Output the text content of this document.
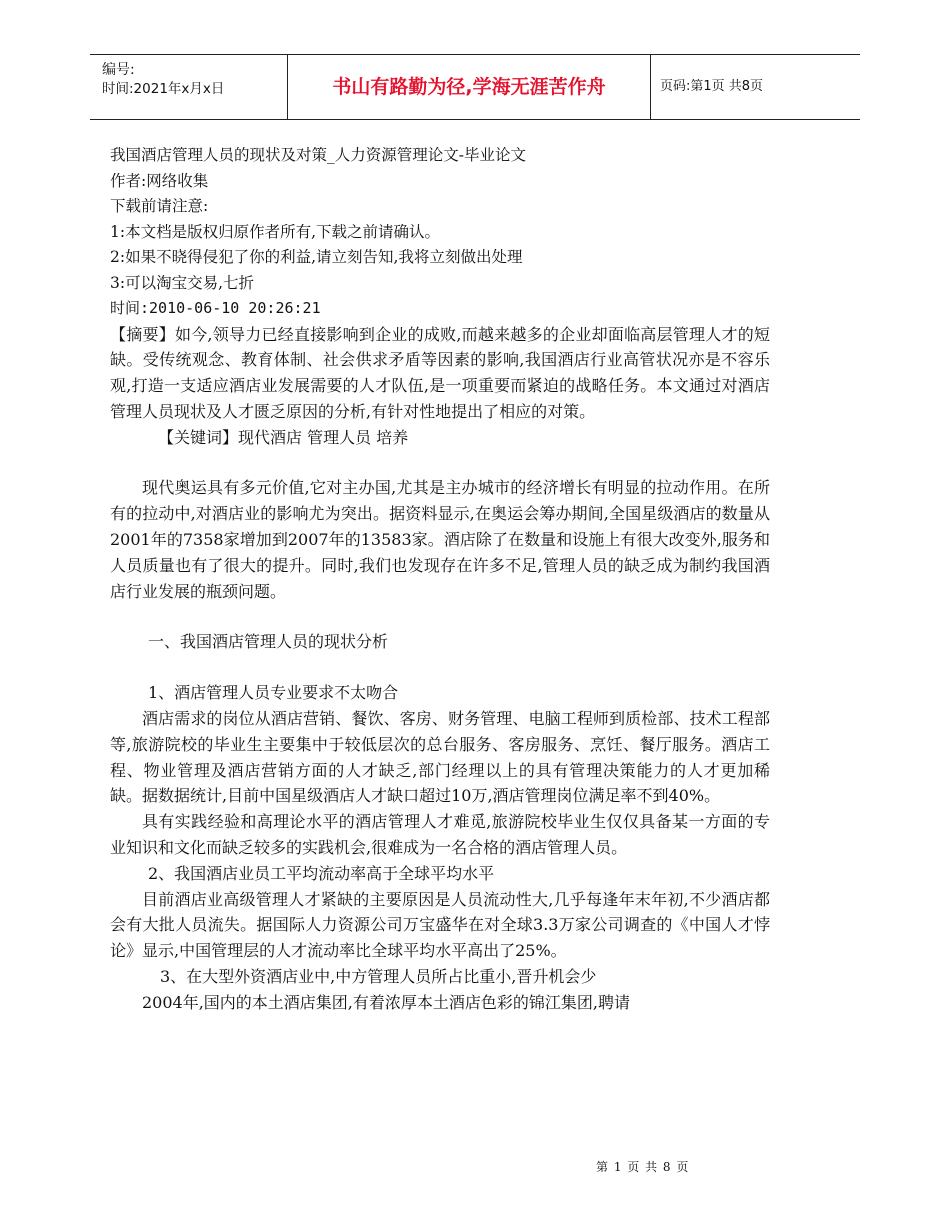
编号:
时间:2021年x月x日	书山有路勤为径,学海无涯苦作舟	页码:第1页 共8页

我国酒店管理人员的现状及对策_人力资源管理论文-毕业论文

作者:网络收集

下载前请注意:

1:本文档是版权归原作者所有,下载之前请确认。

2:如果不晓得侵犯了你的利益,请立刻告知,我将立刻做出处理

3:可以淘宝交易,七折

时间:2010-06-10 20:26:21

【摘要】如今,领导力已经直接影响到企业的成败,而越来越多的企业却面临高层管理人才的短缺。受传统观念、教育体制、社会供求矛盾等因素的影响,我国酒店行业高管状况亦是不容乐观,打造一支适应酒店业发展需要的人才队伍,是一项重要而紧迫的战略任务。本文通过对酒店管理人员现状及人才匮乏原因的分析,有针对性地提出了相应的对策。

【关键词】现代酒店 管理人员 培养

现代奥运具有多元价值,它对主办国,尤其是主办城市的经济增长有明显的拉动作用。在所有的拉动中,对酒店业的影响尤为突出。据资料显示,在奥运会筹办期间,全国星级酒店的数量从2001年的7358家增加到2007年的13583家。酒店除了在数量和设施上有很大改变外,服务和人员质量也有了很大的提升。同时,我们也发现存在许多不足,管理人员的缺乏成为制约我国酒店行业发展的瓶颈问题。

一、我国酒店管理人员的现状分析

1、酒店管理人员专业要求不太吻合

酒店需求的岗位从酒店营销、餐饮、客房、财务管理、电脑工程师到质检部、技术工程部等,旅游院校的毕业生主要集中于较低层次的总台服务、客房服务、烹饪、餐厅服务。酒店工程、物业管理及酒店营销方面的人才缺乏,部门经理以上的具有管理决策能力的人才更加稀缺。据数据统计,目前中国星级酒店人才缺口超过10万,酒店管理岗位满足率不到40%。

具有实践经验和高理论水平的酒店管理人才难觅,旅游院校毕业生仅仅具备某一方面的专业知识和文化而缺乏较多的实践机会,很难成为一名合格的酒店管理人员。

2、我国酒店业员工平均流动率高于全球平均水平

目前酒店业高级管理人才紧缺的主要原因是人员流动性大,几乎每逢年末年初,不少酒店都会有大批人员流失。据国际人力资源公司万宝盛华在对全球3.3万家公司调查的《中国人才悖论》显示,中国管理层的人才流动率比全球平均水平高出了25%。

3、在大型外资酒店业中,中方管理人员所占比重小,晋升机会少

2004年,国内的本土酒店集团,有着浓厚本土酒店色彩的锦江集团,聘请

第 1 页 共 8 页
